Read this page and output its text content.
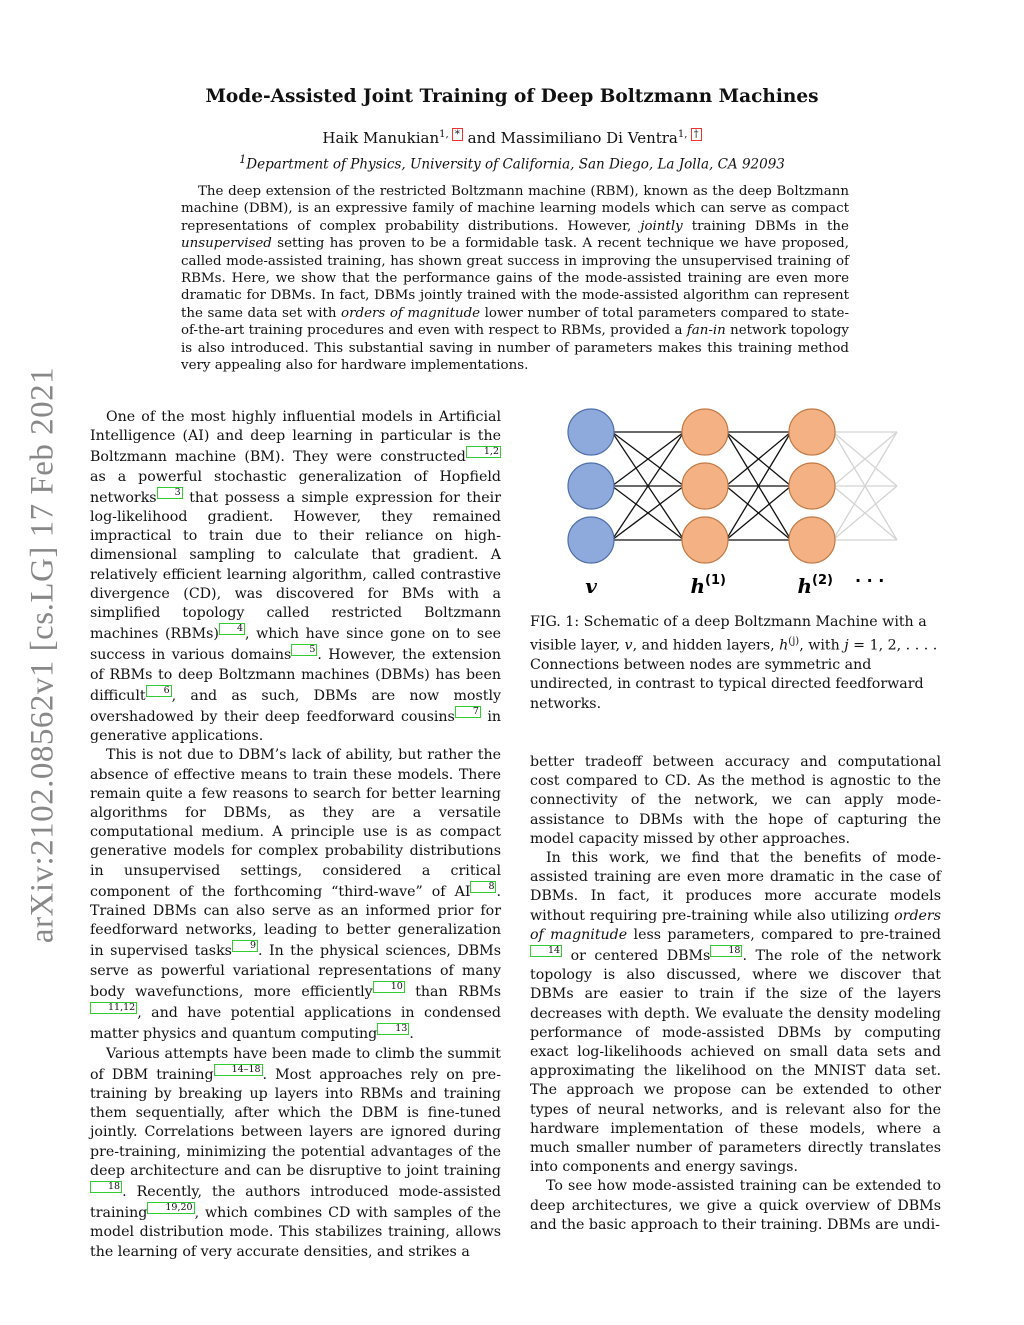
arXiv:2102.08562v1 [cs.LG] 17 Feb 2021
Mode-Assisted Joint Training of Deep Boltzmann Machines
Haik Manukian$^{1, *}$ and Massimiliano Di Ventra$^{1, \dagger}$
$^1$Department of Physics, University of California, San Diego, La Jolla, CA 92093

The deep extension of the restricted Boltzmann machine (RBM), known as the deep Boltzmann machine (DBM), is an expressive family of machine learning models which can serve as compact representations of complex probability distributions. However, jointly training DBMs in the unsupervised setting has proven to be a formidable task. A recent technique we have proposed, called mode-assisted training, has shown great success in improving the unsupervised training of RBMs. Here, we show that the performance gains of the mode-assisted training are even more dramatic for DBMs. In fact, DBMs jointly trained with the mode-assisted algorithm can represent the same data set with orders of magnitude lower number of total parameters compared to state-of-the-art training procedures and even with respect to RBMs, provided a fan-in network topology is also introduced. This substantial saving in number of parameters makes this training method very appealing also for hardware implementations.

One of the most highly influential models in Artificial Intelligence (AI) and deep learning in particular is the Boltzmann machine (BM). They were constructed 1,2 as a powerful stochastic generalization of Hopfield networks 3 that possess a simple expression for their log-likelihood gradient. However, they remained impractical to train due to their reliance on high-dimensional sampling to calculate that gradient. A relatively efficient learning algorithm, called contrastive divergence (CD), was discovered for BMs with a simplified topology called restricted Boltzmann machines (RBMs) 4 , which have since gone on to see success in various domains 5 . However, the extension of RBMs to deep Boltzmann machines (DBMs) has been difficult 6 , and as such, DBMs are now mostly overshadowed by their deep feedforward cousins 7 in generative applications.

This is not due to DBM’s lack of ability, but rather the absence of effective means to train these models. There remain quite a few reasons to search for better learning algorithms for DBMs, as they are a versatile computational medium. A principle use is as compact generative models for complex probability distributions in unsupervised settings, considered a critical component of the forthcoming “third-wave” of AI 8 . Trained DBMs can also serve as an informed prior for feedforward networks, leading to better generalization in supervised tasks 9 . In the physical sciences, DBMs serve as powerful variational representations of many body wavefunctions, more efficiently 10 than RBMs11,12 , and have potential applications in condensed matter physics and quantum computing 13 .

Various attempts have been made to climb the summit of DBM training 14–18 . Most approaches rely on pre-training by breaking up layers into RBMs and training them sequentially, after which the DBM is fine-tuned jointly. Correlations between layers are ignored during pre-training, minimizing the potential advantages of the deep architecture and can be disruptive to joint training18 . Recently, the authors introduced mode-assisted training 19,20 , which combines CD with samples of the model distribution mode. This stabilizes training, allows the learning of very accurate densities, and strikes a

v	h (1)	h (2) · · ·
FIG. 1: Schematic of a deep Boltzmann Machine with a visible layer, v, and hidden layers, $h^{(j)}$, with j = 1, 2, . . . . Connections between nodes are symmetric and undirected, in contrast to typical directed feedforward networks.

better tradeoff between accuracy and computational cost compared to CD. As the method is agnostic to the connectivity of the network, we can apply mode-assistance to DBMs with the hope of capturing the model capacity missed by other approaches.

In this work, we find that the benefits of mode-assisted training are even more dramatic in the case of DBMs. In fact, it produces more accurate models without requiring pre-training while also utilizing orders of magnitude less parameters, compared to pre-trained14 or centered DBMs 18 . The role of the network topology is also discussed, where we discover that DBMs are easier to train if the size of the layers decreases with depth. We evaluate the density modeling performance of mode-assisted DBMs by computing exact log-likelihoods achieved on small data sets and approximating the likelihood on the MNIST data set. The approach we propose can be extended to other types of neural networks, and is relevant also for the hardware implementation of these models, where a much smaller number of parameters directly translates into components and energy savings.

To see how mode-assisted training can be extended to deep architectures, we give a quick overview of DBMs and the basic approach to their training. DBMs are undi-
